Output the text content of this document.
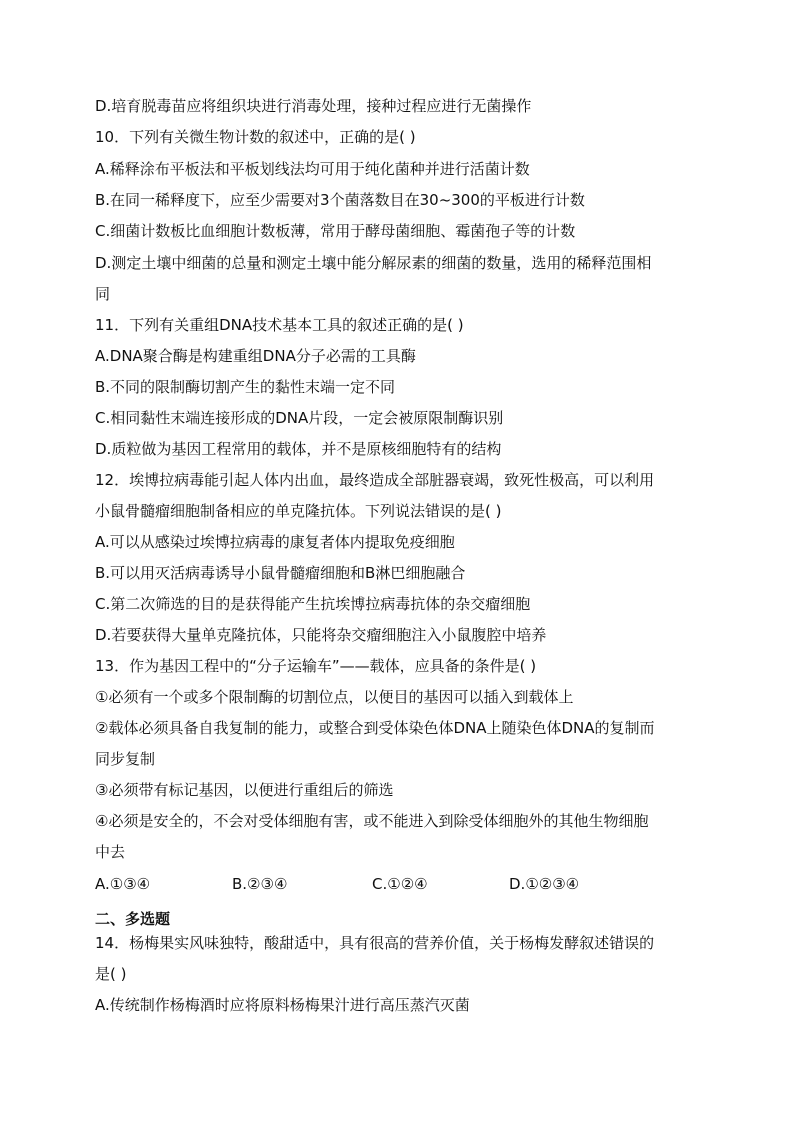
D.培育脱毒苗应将组织块进行消毒处理，接种过程应进行无菌操作
10．下列有关微生物计数的叙述中，正确的是( )
A.稀释涂布平板法和平板划线法均可用于纯化菌种并进行活菌计数
B.在同一稀释度下，应至少需要对3个菌落数目在30~300的平板进行计数
C.细菌计数板比血细胞计数板薄，常用于酵母菌细胞、霉菌孢子等的计数
D.测定土壤中细菌的总量和测定土壤中能分解尿素的细菌的数量，选用的稀释范围相
同
11．下列有关重组DNA技术基本工具的叙述正确的是( )
A.DNA聚合酶是构建重组DNA分子必需的工具酶
B.不同的限制酶切割产生的黏性末端一定不同
C.相同黏性末端连接形成的DNA片段，一定会被原限制酶识别
D.质粒做为基因工程常用的载体，并不是原核细胞特有的结构
12．埃博拉病毒能引起人体内出血，最终造成全部脏器衰竭，致死性极高，可以利用
小鼠骨髓瘤细胞制备相应的单克隆抗体。下列说法错误的是( )
A.可以从感染过埃博拉病毒的康复者体内提取免疫细胞
B.可以用灭活病毒诱导小鼠骨髓瘤细胞和B淋巴细胞融合
C.第二次筛选的目的是获得能产生抗埃博拉病毒抗体的杂交瘤细胞
D.若要获得大量单克隆抗体，只能将杂交瘤细胞注入小鼠腹腔中培养
13．作为基因工程中的“分子运输车”——载体，应具备的条件是( )
①必须有一个或多个限制酶的切割位点，以便目的基因可以插入到载体上
②载体必须具备自我复制的能力，或整合到受体染色体DNA上随染色体DNA的复制而
同步复制
③必须带有标记基因，以便进行重组后的筛选
④必须是安全的，不会对受体细胞有害，或不能进入到除受体细胞外的其他生物细胞
中去
A.①③④	B.②③④	C.①②④	D.①②③④
二、多选题
14．杨梅果实风味独特，酸甜适中，具有很高的营养价值，关于杨梅发酵叙述错误的
是( )
A.传统制作杨梅酒时应将原料杨梅果汁进行高压蒸汽灭菌
